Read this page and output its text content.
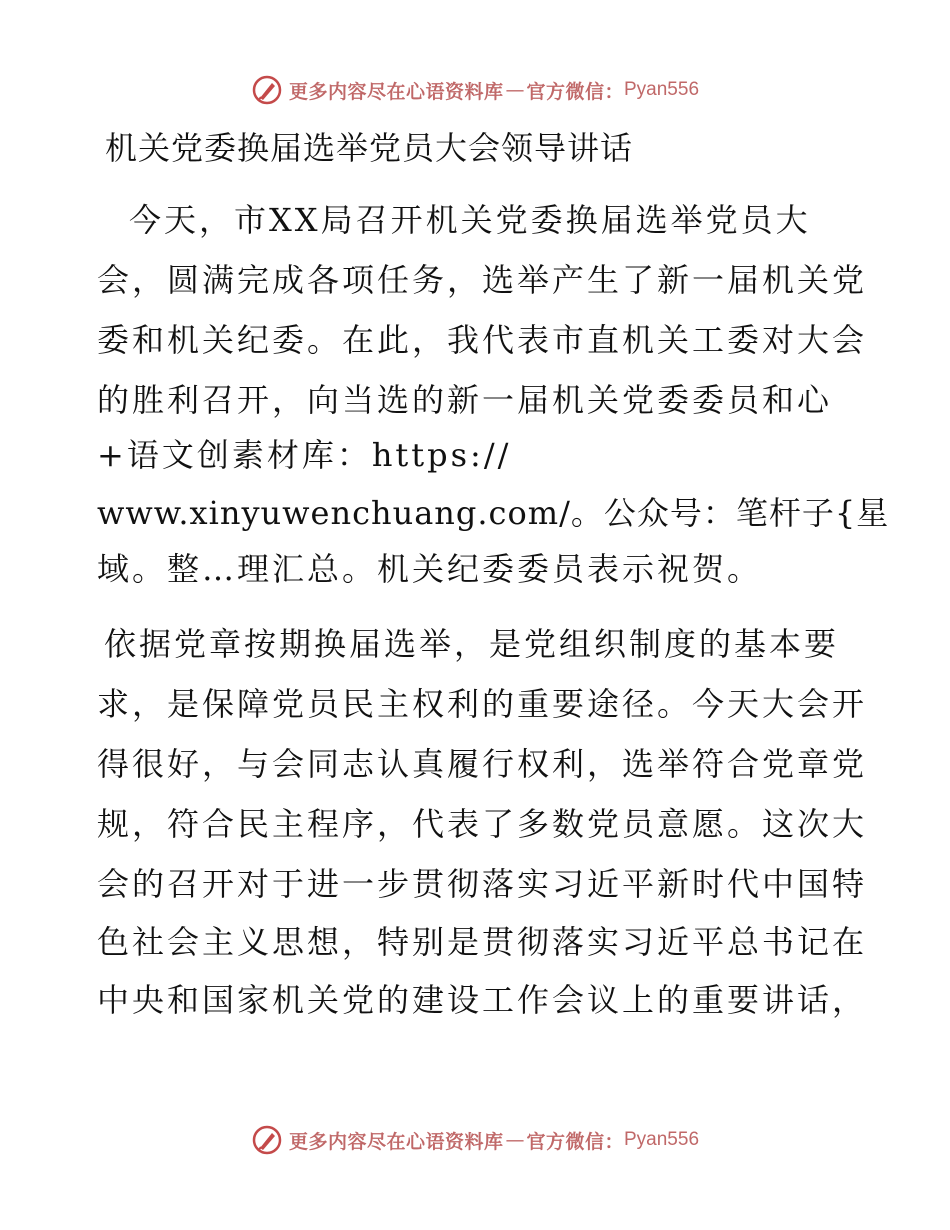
更多内容尽在心语资料库 — 官方微信： Pyan556
机关党委换届选举党员大会领导讲话
今天，市XX局召开机关党委换届选举党员大
会，圆满完成各项任务，选举产生了新一届机关党
委和机关纪委。在此，我代表市直机关工委对大会
的胜利召开，向当选的新一届机关党委委员和心
+语文创素材库：https://
www.xinyuwenchuang.com/。公众号：笔杆子{星
域。整…理汇总。机关纪委委员表示祝贺。
依据党章按期换届选举，是党组织制度的基本要
求，是保障党员民主权利的重要途径。今天大会开
得很好，与会同志认真履行权利，选举符合党章党
规，符合民主程序，代表了多数党员意愿。这次大
会的召开对于进一步贯彻落实习近平新时代中国特
色社会主义思想，特别是贯彻落实习近平总书记在
中央和国家机关党的建设工作会议上的重要讲话，
更多内容尽在心语资料库 — 官方微信： Pyan556
